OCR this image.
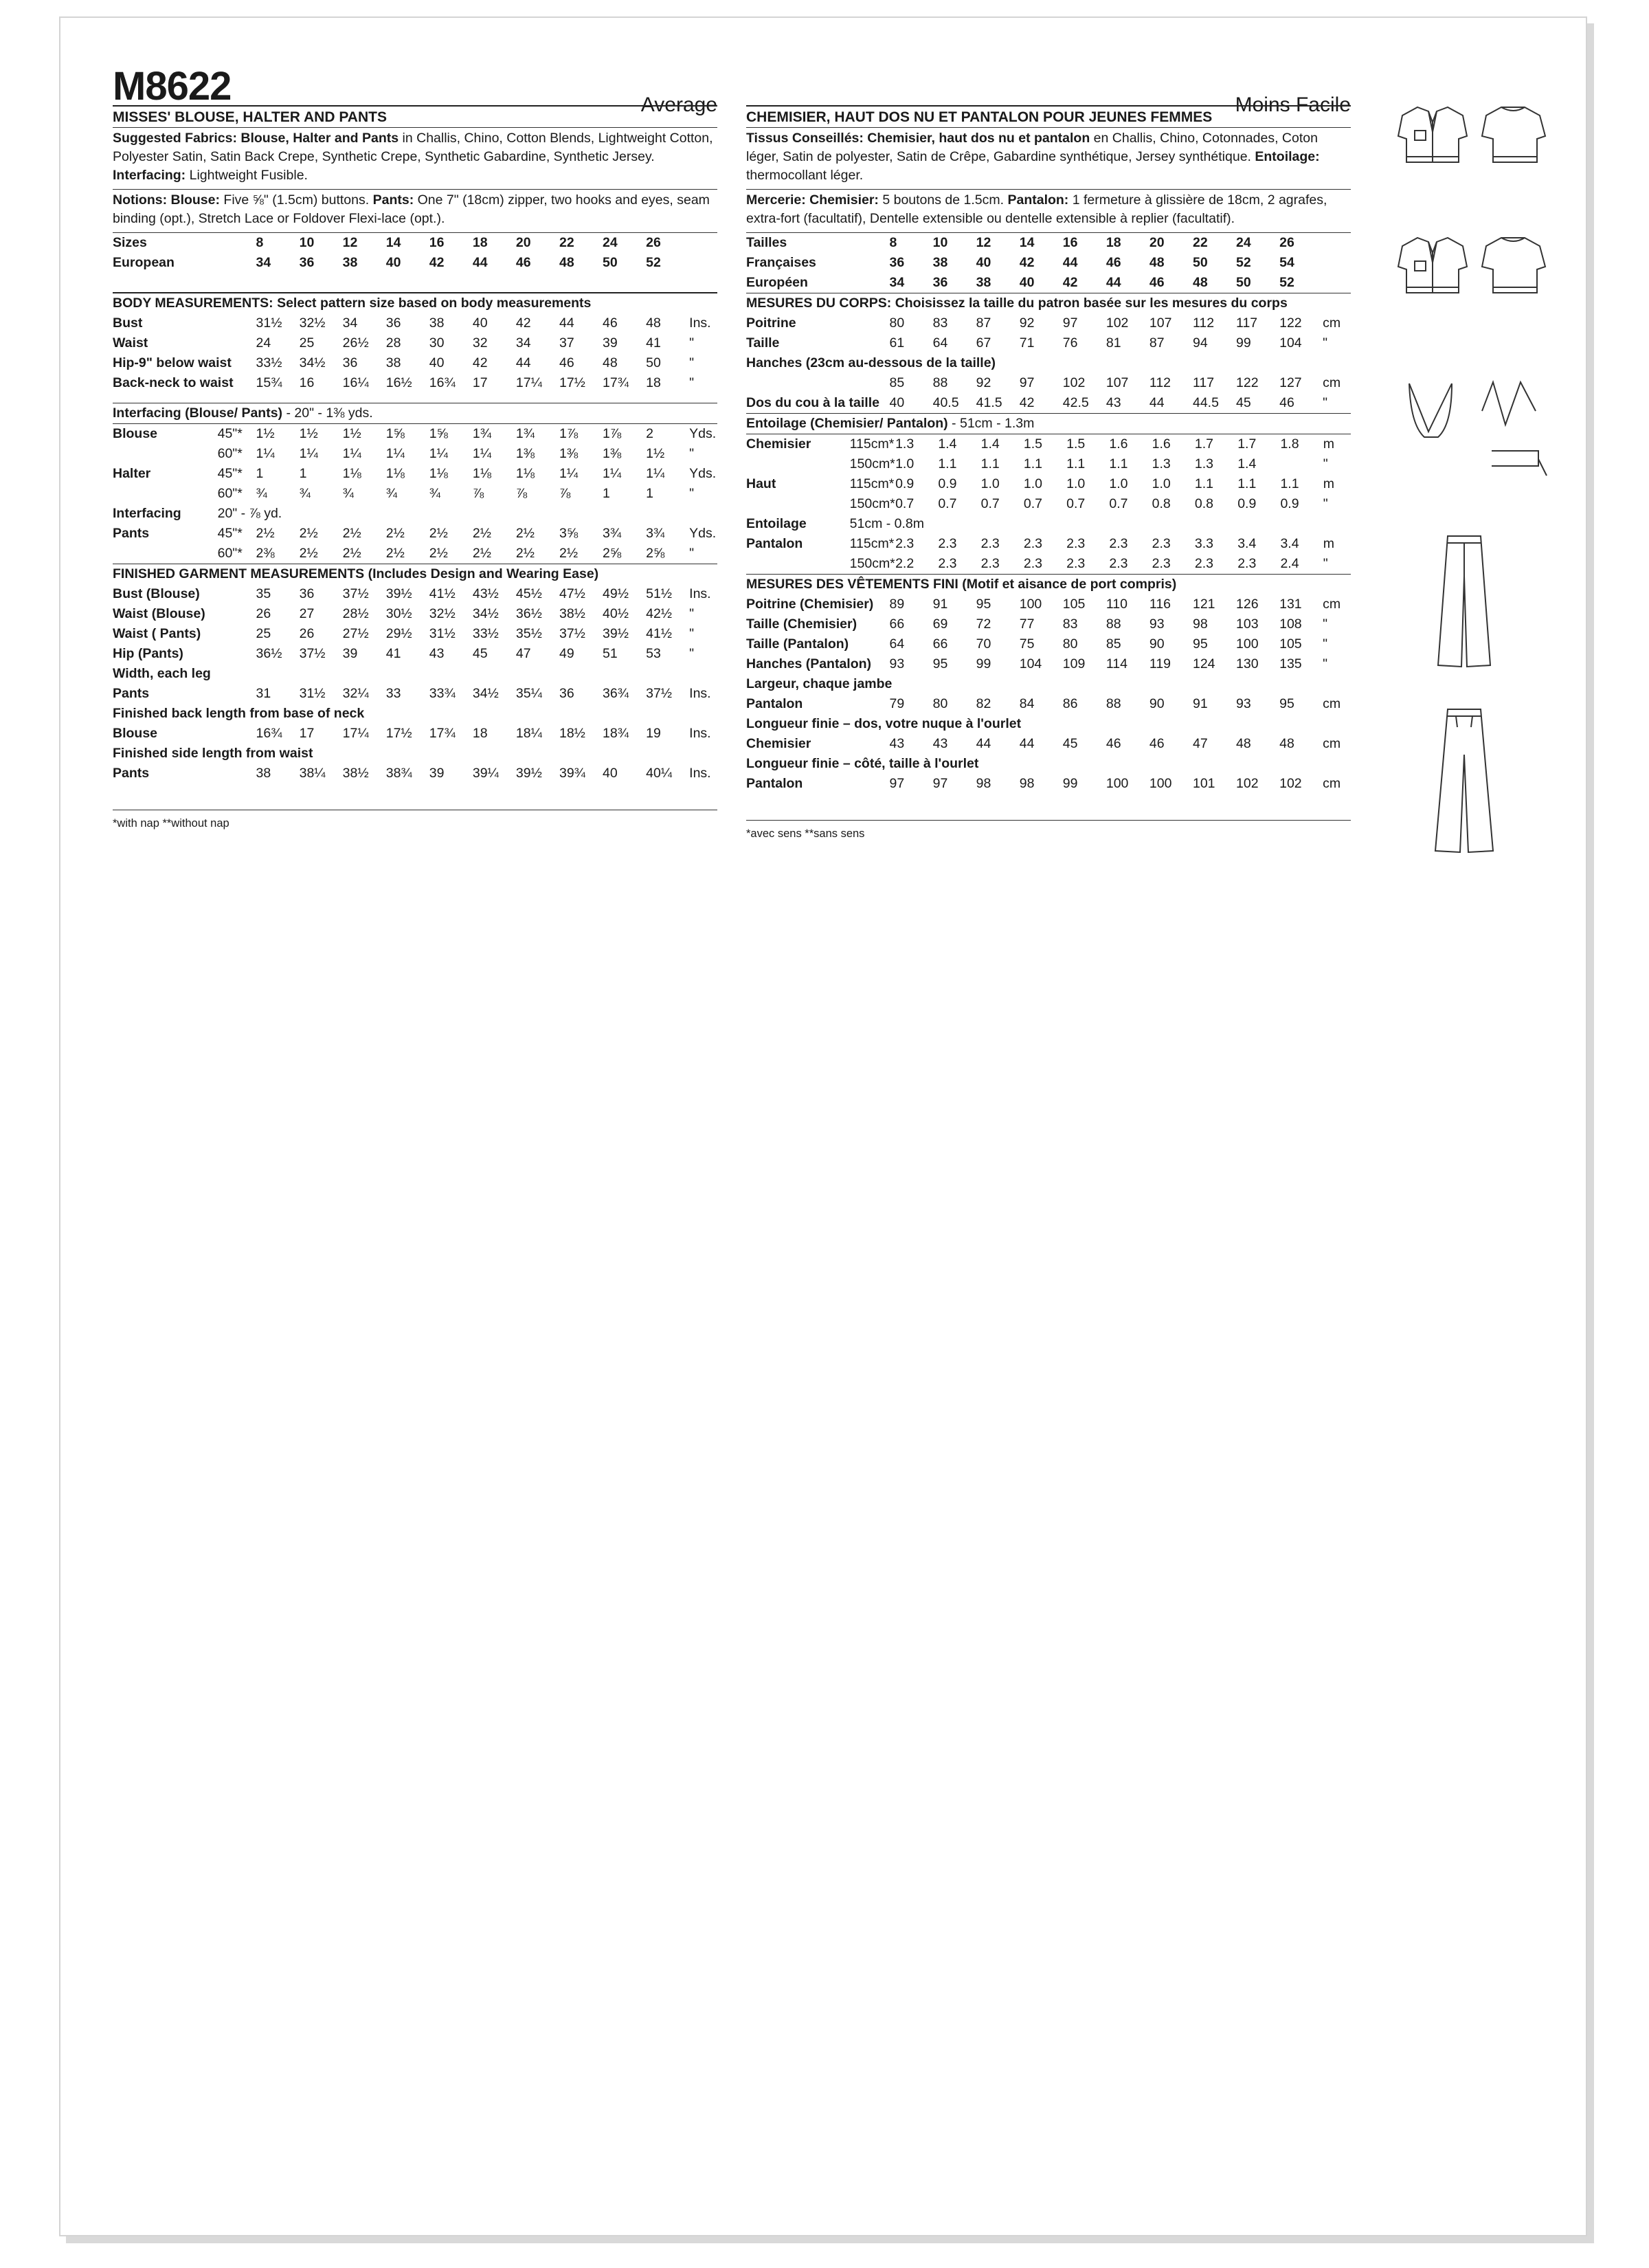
M8622	Average
MISSES' BLOUSE, HALTER AND PANTS
Suggested Fabrics: Blouse, Halter and Pants in Challis, Chino, Cotton Blends, Lightweight Cotton, Polyester Satin, Satin Back Crepe, Synthetic Crepe, Synthetic Gabardine, Synthetic Jersey. Interfacing: Lightweight Fusible.
Notions: Blouse: Five ⅝" (1.5cm) buttons. Pants: One 7" (18cm) zipper, two hooks and eyes, seam binding (opt.), Stretch Lace or Foldover Flexi-lace (opt.).
Sizes	8	10	12	14	16	18	20	22	24	26	
European	34	36	38	40	42	44	46	48	50	52	
BODY MEASUREMENTS: Select pattern size based on body measurements
Bust	31½	32½	34	36	38	40	42	44	46	48	Ins.
Waist	24	25	26½	28	30	32	34	37	39	41	"
Hip-9" below waist	33½	34½	36	38	40	42	44	46	48	50	"
Back-neck to waist	15¾	16	16¼	16½	16¾	17	17¼	17½	17¾	18	"
Interfacing (Blouse/ Pants) - 20" - 1⅜ yds.
Blouse	45"*	1½	1½	1½	1⅝	1⅝	1¾	1¾	1⅞	1⅞	2	Yds.
	60"*	1¼	1¼	1¼	1¼	1¼	1¼	1⅜	1⅜	1⅜	1½	"
Halter	45"*	1	1	1⅛	1⅛	1⅛	1⅛	1⅛	1¼	1¼	1¼	Yds.
	60"*	¾	¾	¾	¾	¾	⅞	⅞	⅞	1	1	"
Interfacing	20" - ⅞ yd.											
Pants	45"*	2½	2½	2½	2½	2½	2½	2½	3⅝	3¾	3¾	Yds.
	60"*	2⅜	2½	2½	2½	2½	2½	2½	2½	2⅝	2⅝	"
FINISHED GARMENT MEASUREMENTS (Includes Design and Wearing Ease)
Bust (Blouse)	35	36	37½	39½	41½	43½	45½	47½	49½	51½	Ins.
Waist (Blouse)	26	27	28½	30½	32½	34½	36½	38½	40½	42½	"
Waist ( Pants)	25	26	27½	29½	31½	33½	35½	37½	39½	41½	"
Hip (Pants)	36½	37½	39	41	43	45	47	49	51	53	"
Width, each leg											
Pants	31	31½	32¼	33	33¾	34½	35¼	36	36¾	37½	Ins.
Finished back length from base of neck											
Blouse	16¾	17	17¼	17½	17¾	18	18¼	18½	18¾	19	Ins.
Finished side length from waist											
Pants	38	38¼	38½	38¾	39	39¼	39½	39¾	40	40¼	Ins.
*with nap **without nap
Moins Facile
CHEMISIER, HAUT DOS NU ET PANTALON POUR JEUNES FEMMES
Tissus Conseillés: Chemisier, haut dos nu et pantalon en Challis, Chino, Cotonnades, Coton léger, Satin de polyester, Satin de Crêpe, Gabardine synthétique, Jersey synthétique. Entoilage: thermocollant léger.
Mercerie: Chemisier: 5 boutons de 1.5cm. Pantalon: 1 fermeture à glissière de 18cm, 2 agrafes, extra-fort (facultatif), Dentelle extensible ou dentelle extensible à replier (facultatif).
Tailles	8	10	12	14	16	18	20	22	24	26	
Françaises	36	38	40	42	44	46	48	50	52	54	
Européen	34	36	38	40	42	44	46	48	50	52	
MESURES DU CORPS: Choisissez la taille du patron basée sur les mesures du corps
Poitrine	80	83	87	92	97	102	107	112	117	122	cm
Taille	61	64	67	71	76	81	87	94	99	104	"
Hanches (23cm au-dessous de la taille)											
	85	88	92	97	102	107	112	117	122	127	cm
Dos du cou à la taille	40	40.5	41.5	42	42.5	43	44	44.5	45	46	"
Entoilage (Chemisier/ Pantalon) - 51cm - 1.3m
Chemisier	115cm*	1.3	1.4	1.4	1.5	1.5	1.6	1.6	1.7	1.7	1.8	m
	150cm*	1.0	1.1	1.1	1.1	1.1	1.1	1.3	1.3	1.4		"
Haut	115cm*	0.9	0.9	1.0	1.0	1.0	1.0	1.0	1.1	1.1	1.1	m
	150cm*	0.7	0.7	0.7	0.7	0.7	0.7	0.8	0.8	0.9	0.9	"
Entoilage	51cm - 0.8m											
Pantalon	115cm*	2.3	2.3	2.3	2.3	2.3	2.3	2.3	3.3	3.4	3.4	m
	150cm*	2.2	2.3	2.3	2.3	2.3	2.3	2.3	2.3	2.3	2.4	"
MESURES DES VÊTEMENTS FINI (Motif et aisance de port compris)
Poitrine (Chemisier)	89	91	95	100	105	110	116	121	126	131	cm
Taille (Chemisier)	66	69	72	77	83	88	93	98	103	108	"
Taille (Pantalon)	64	66	70	75	80	85	90	95	100	105	"
Hanches (Pantalon)	93	95	99	104	109	114	119	124	130	135	"
Largeur, chaque jambe											
Pantalon	79	80	82	84	86	88	90	91	93	95	cm
Longueur finie – dos, votre nuque à l'ourlet											
Chemisier	43	43	44	44	45	46	46	47	48	48	cm
Longueur finie – côté, taille à l'ourlet											
Pantalon	97	97	98	98	99	100	100	101	102	102	cm
*avec sens **sans sens
